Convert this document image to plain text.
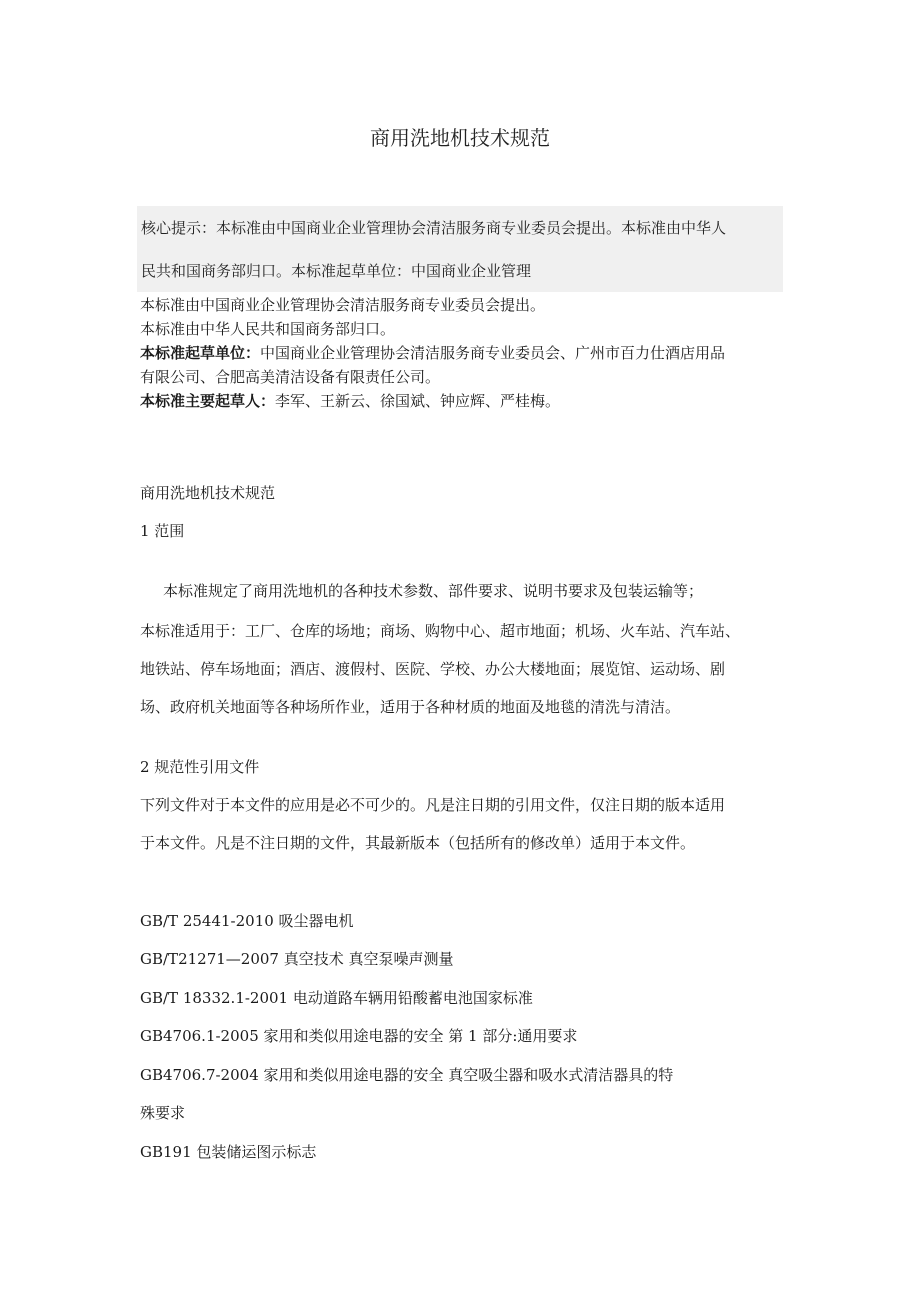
商用洗地机技术规范
核心提示：本标准由中国商业企业管理协会清洁服务商专业委员会提出。本标准由中华人
民共和国商务部归口。本标准起草单位：中国商业企业管理

本标准由中国商业企业管理协会清洁服务商专业委员会提出。

本标准由中华人民共和国商务部归口。

本标准起草单位：中国商业企业管理协会清洁服务商专业委员会、广州市百力仕酒店用品

有限公司、合肥高美清洁设备有限责任公司。

本标准主要起草人：李军、王新云、徐国斌、钟应辉、严桂梅。

商用洗地机技术规范
1 范围
本标准规定了商用洗地机的各种技术参数、部件要求、说明书要求及包装运输等；
本标准适用于：工厂、仓库的场地；商场、购物中心、超市地面；机场、火车站、汽车站、
地铁站、停车场地面；酒店、渡假村、医院、学校、办公大楼地面；展览馆、运动场、剧
场、政府机关地面等各种场所作业，适用于各种材质的地面及地毯的清洗与清洁。
2 规范性引用文件
下列文件对于本文件的应用是必不可少的。凡是注日期的引用文件，仅注日期的版本适用
于本文件。凡是不注日期的文件，其最新版本（包括所有的修改单）适用于本文件。
GB/T 25441-2010 吸尘器电机
GB/T21271—2007 真空技术 真空泵噪声测量
GB/T 18332.1-2001 电动道路车辆用铅酸蓄电池国家标准
GB4706.1-2005 家用和类似用途电器的安全 第 1 部分:通用要求
GB4706.7-2004 家用和类似用途电器的安全 真空吸尘器和吸水式清洁器具的特
殊要求
GB191 包装储运图示标志
